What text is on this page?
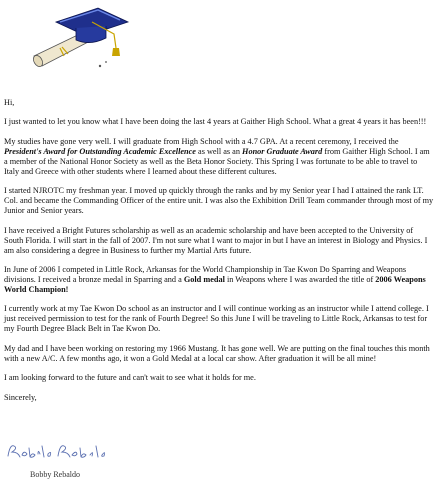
Hi,

I just wanted to let you know what I have been doing the last 4 years at Gaither High School. What a great 4 years it has been!!!

My studies have gone very well. I will graduate from High School with a 4.7 GPA. At a recent ceremony, I received the President's Award for Outstanding Academic Excellence as well as an Honor Graduate Award from Gaither High School. I am a member of the National Honor Society as well as the Beta Honor Society. This Spring I was fortunate to be able to travel to Italy and Greece with other students where I learned about these different cultures.

I started NJROTC my freshman year. I moved up quickly through the ranks and by my Senior year I had I attained the rank LT. Col. and became the Commanding Officer of the entire unit. I was also the Exhibition Drill Team commander through most of my Junior and Senior years.

I have received a Bright Futures scholarship as well as an academic scholarship and have been accepted to the University of South Florida. I will start in the fall of 2007. I'm not sure what I want to major in but I have an interest in Biology and Physics. I am also considering a degree in Business to further my Martial Arts future.

In June of 2006 I competed in Little Rock, Arkansas for the World Championship in Tae Kwon Do Sparring and Weapons divisions. I received a bronze medal in Sparring and a Gold medal in Weapons where I was awarded the title of 2006 Weapons World Champion!

I currently work at my Tae Kwon Do school as an instructor and I will continue working as an instructor while I attend college. I just received permission to test for the rank of Fourth Degree! So this June I will be traveling to Little Rock, Arkansas to test for my Fourth Degree Black Belt in Tae Kwon Do.

My dad and I have been working on restoring my 1966 Mustang. It has gone well. We are putting on the final touches this month with a new A/C. A few months ago, it won a Gold Medal at a local car show. After graduation it will be all mine!

I am looking forward to the future and can't wait to see what it holds for me.

Sincerely,

Bobby Rebaldo
